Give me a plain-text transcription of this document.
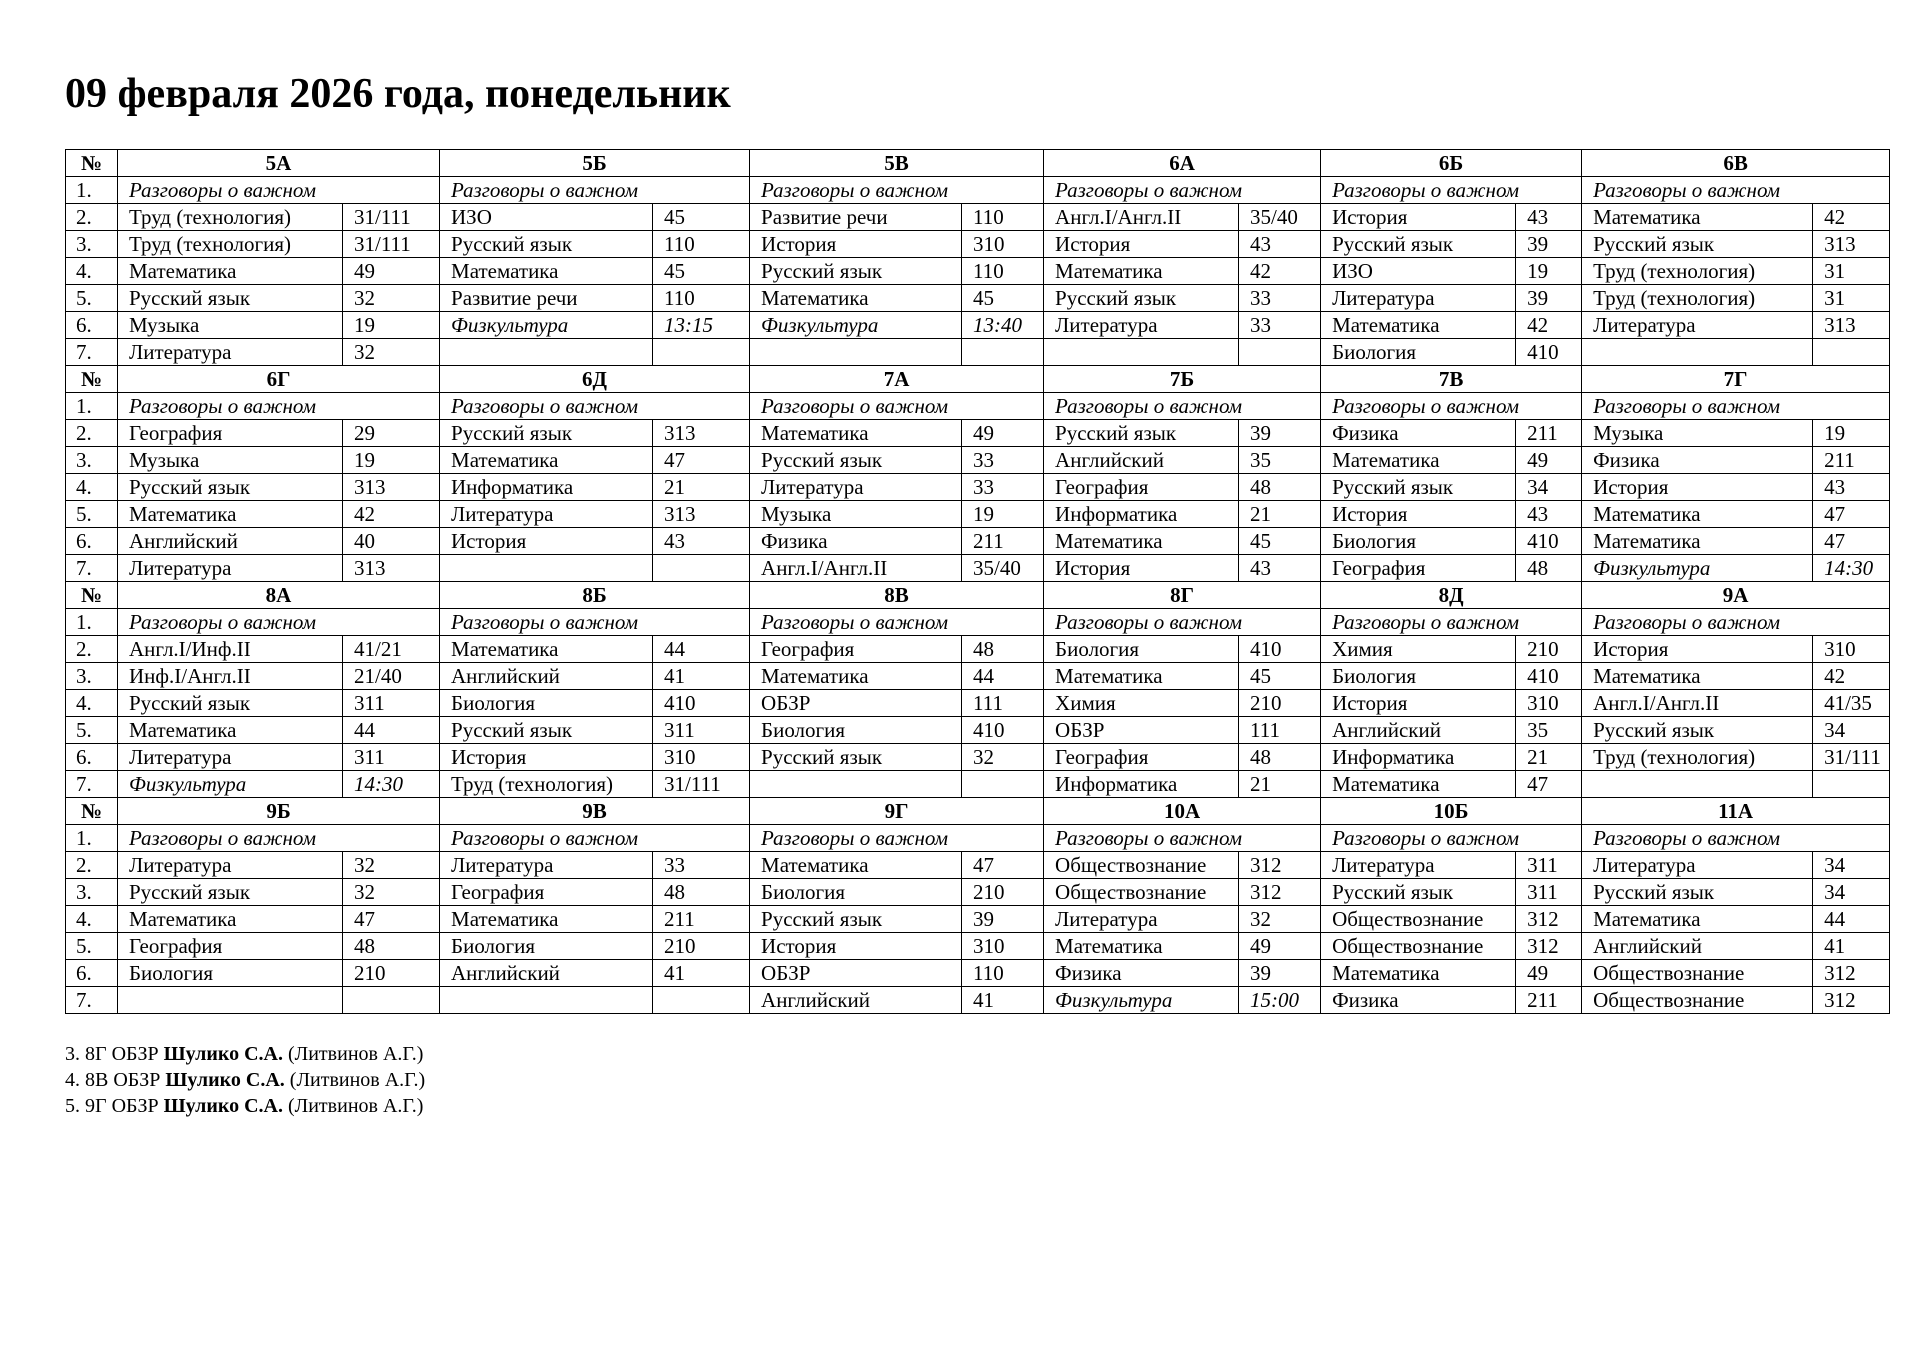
09 февраля 2026 года, понедельник
№	5А		5Б		5В		6А		6Б		6В	
1.	Разговоры о важном		Разговоры о важном		Разговоры о важном		Разговоры о важном		Разговоры о важном		Разговоры о важном	
2.	Труд (технология)	31/111	ИЗО	45	Развитие речи	110	Англ.I/Англ.II	35/40	История	43	Математика	42
3.	Труд (технология)	31/111	Русский язык	110	История	310	История	43	Русский язык	39	Русский язык	313
4.	Математика	49	Математика	45	Русский язык	110	Математика	42	ИЗО	19	Труд (технология)	31
5.	Русский язык	32	Развитие речи	110	Математика	45	Русский язык	33	Литература	39	Труд (технология)	31
6.	Музыка	19	Физкультура	13:15	Физкультура	13:40	Литература	33	Математика	42	Литература	313
7.	Литература	32							Биология	410		
№	6Г		6Д		7А		7Б		7В		7Г	
1.	Разговоры о важном		Разговоры о важном		Разговоры о важном		Разговоры о важном		Разговоры о важном		Разговоры о важном	
2.	География	29	Русский язык	313	Математика	49	Русский язык	39	Физика	211	Музыка	19
3.	Музыка	19	Математика	47	Русский язык	33	Английский	35	Математика	49	Физика	211
4.	Русский язык	313	Информатика	21	Литература	33	География	48	Русский язык	34	История	43
5.	Математика	42	Литература	313	Музыка	19	Информатика	21	История	43	Математика	47
6.	Английский	40	История	43	Физика	211	Математика	45	Биология	410	Математика	47
7.	Литература	313			Англ.I/Англ.II	35/40	История	43	География	48	Физкультура	14:30
№	8А		8Б		8В		8Г		8Д		9А	
1.	Разговоры о важном		Разговоры о важном		Разговоры о важном		Разговоры о важном		Разговоры о важном		Разговоры о важном	
2.	Англ.I/Инф.II	41/21	Математика	44	География	48	Биология	410	Химия	210	История	310
3.	Инф.I/Англ.II	21/40	Английский	41	Математика	44	Математика	45	Биология	410	Математика	42
4.	Русский язык	311	Биология	410	ОБЗР	111	Химия	210	История	310	Англ.I/Англ.II	41/35
5.	Математика	44	Русский язык	311	Биология	410	ОБЗР	111	Английский	35	Русский язык	34
6.	Литература	311	История	310	Русский язык	32	География	48	Информатика	21	Труд (технология)	31/111
7.	Физкультура	14:30	Труд (технология)	31/111			Информатика	21	Математика	47		
№	9Б		9В		9Г		10А		10Б		11А	
1.	Разговоры о важном		Разговоры о важном		Разговоры о важном		Разговоры о важном		Разговоры о важном		Разговоры о важном	
2.	Литература	32	Литература	33	Математика	47	Обществознание	312	Литература	311	Литература	34
3.	Русский язык	32	География	48	Биология	210	Обществознание	312	Русский язык	311	Русский язык	34
4.	Математика	47	Математика	211	Русский язык	39	Литература	32	Обществознание	312	Математика	44
5.	География	48	Биология	210	История	310	Математика	49	Обществознание	312	Английский	41
6.	Биология	210	Английский	41	ОБЗР	110	Физика	39	Математика	49	Обществознание	312
7.					Английский	41	Физкультура	15:00	Физика	211	Обществознание	312
3. 8Г ОБЗР Шулико С.А. (Литвинов А.Г.)
4. 8В ОБЗР Шулико С.А. (Литвинов А.Г.)
5. 9Г ОБЗР Шулико С.А. (Литвинов А.Г.)
